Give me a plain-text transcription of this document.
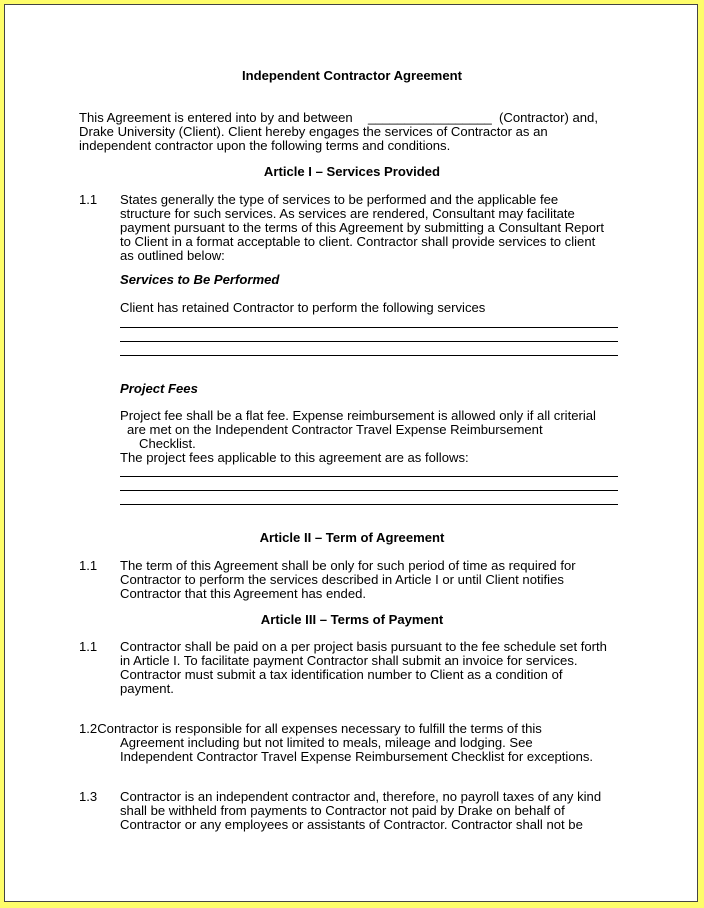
Independent Contractor Agreement
This Agreement is entered into by and between _________________ (Contractor) and,
Drake University (Client). Client hereby engages the services of Contractor as an
independent contractor upon the following terms and conditions.
Article I – Services Provided
1.1 States generally the type of services to be performed and the applicable fee
structure for such services. As services are rendered, Consultant may facilitate
payment pursuant to the terms of this Agreement by submitting a Consultant Report
to Client in a format acceptable to client. Contractor shall provide services to client
as outlined below:
Services to Be Performed
Client has retained Contractor to perform the following services
Project Fees
Project fee shall be a flat fee. Expense reimbursement is allowed only if all criterial
are met on the Independent Contractor Travel Expense Reimbursement
Checklist.
The project fees applicable to this agreement are as follows:
Article II – Term of Agreement
1.1 The term of this Agreement shall be only for such period of time as required for
Contractor to perform the services described in Article I or until Client notifies
Contractor that this Agreement has ended.
Article III – Terms of Payment
1.1 Contractor shall be paid on a per project basis pursuant to the fee schedule set forth
in Article I. To facilitate payment Contractor shall submit an invoice for services.
Contractor must submit a tax identification number to Client as a condition of
payment.
1.2Contractor is responsible for all expenses necessary to fulfill the terms of this
Agreement including but not limited to meals, mileage and lodging. See
Independent Contractor Travel Expense Reimbursement Checklist for exceptions.
1.3 Contractor is an independent contractor and, therefore, no payroll taxes of any kind
shall be withheld from payments to Contractor not paid by Drake on behalf of
Contractor or any employees or assistants of Contractor. Contractor shall not be
